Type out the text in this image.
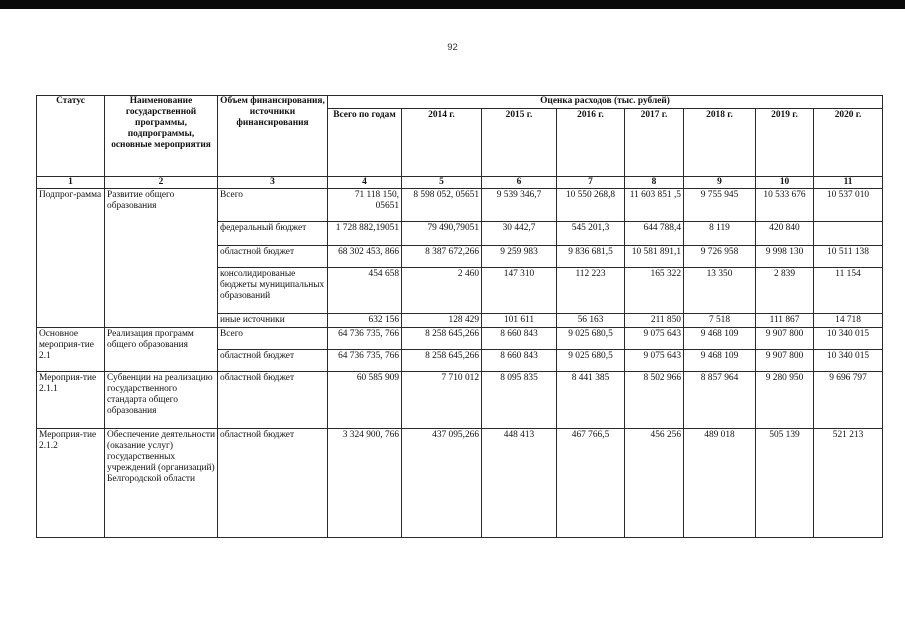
92
Статус	Наименование государственной программы, подпрограммы, основные мероприятия	Объем финансирования, источники финансирования	Оценка расходов (тыс. рублей)							
			Всего по годам	2014 г.	2015 г.	2016 г.	2017 г.	2018 г.	2019 г.	2020 г.
1	2	3	4	5	6	7	8	9	10	11
Подпрог-рамма	Развитие общего образования	Всего	71 118 150, 05651	8 598 052, 05651	9 539 346,7	10 550 268,8	11 603 851 ,5	9 755 945	10 533 676	10 537 010
		федеральный бюджет	1 728 882,19051	79 490,79051	30 442,7	545 201,3	644 788,4	8 119	420 840	
		областной бюджет	68 302 453, 866	8 387 672,266	9 259 983	9 836 681,5	10 581 891,1	9 726 958	9 998 130	10 511 138
		консолидированые бюджеты муниципальных образований	454 658	2 460	147 310	112 223	165 322	13 350	2 839	11 154
		иные источники	632 156	128 429	101 611	56 163	211 850	7 518	111 867	14 718
Основное мероприя-тие 2.1	Реализация программ общего образования	Всего	64 736 735, 766	8 258 645,266	8 660 843	9 025 680,5	9 075 643	9 468 109	9 907 800	10 340 015
		областной бюджет	64 736 735, 766	8 258 645,266	8 660 843	9 025 680,5	9 075 643	9 468 109	9 907 800	10 340 015
Мероприя-тие 2.1.1	Субвенции на реализацию государственного стандарта общего образования	областной бюджет	60 585 909	7 710 012	8 095 835	8 441 385	8 502 966	8 857 964	9 280 950	9 696 797
Мероприя-тие 2.1.2	Обеспечение деятельности (оказание услуг) государственных учреждений (организаций) Белгородской области	областной бюджет	3 324 900, 766	437 095,266	448 413	467 766,5	456 256	489 018	505 139	521 213
